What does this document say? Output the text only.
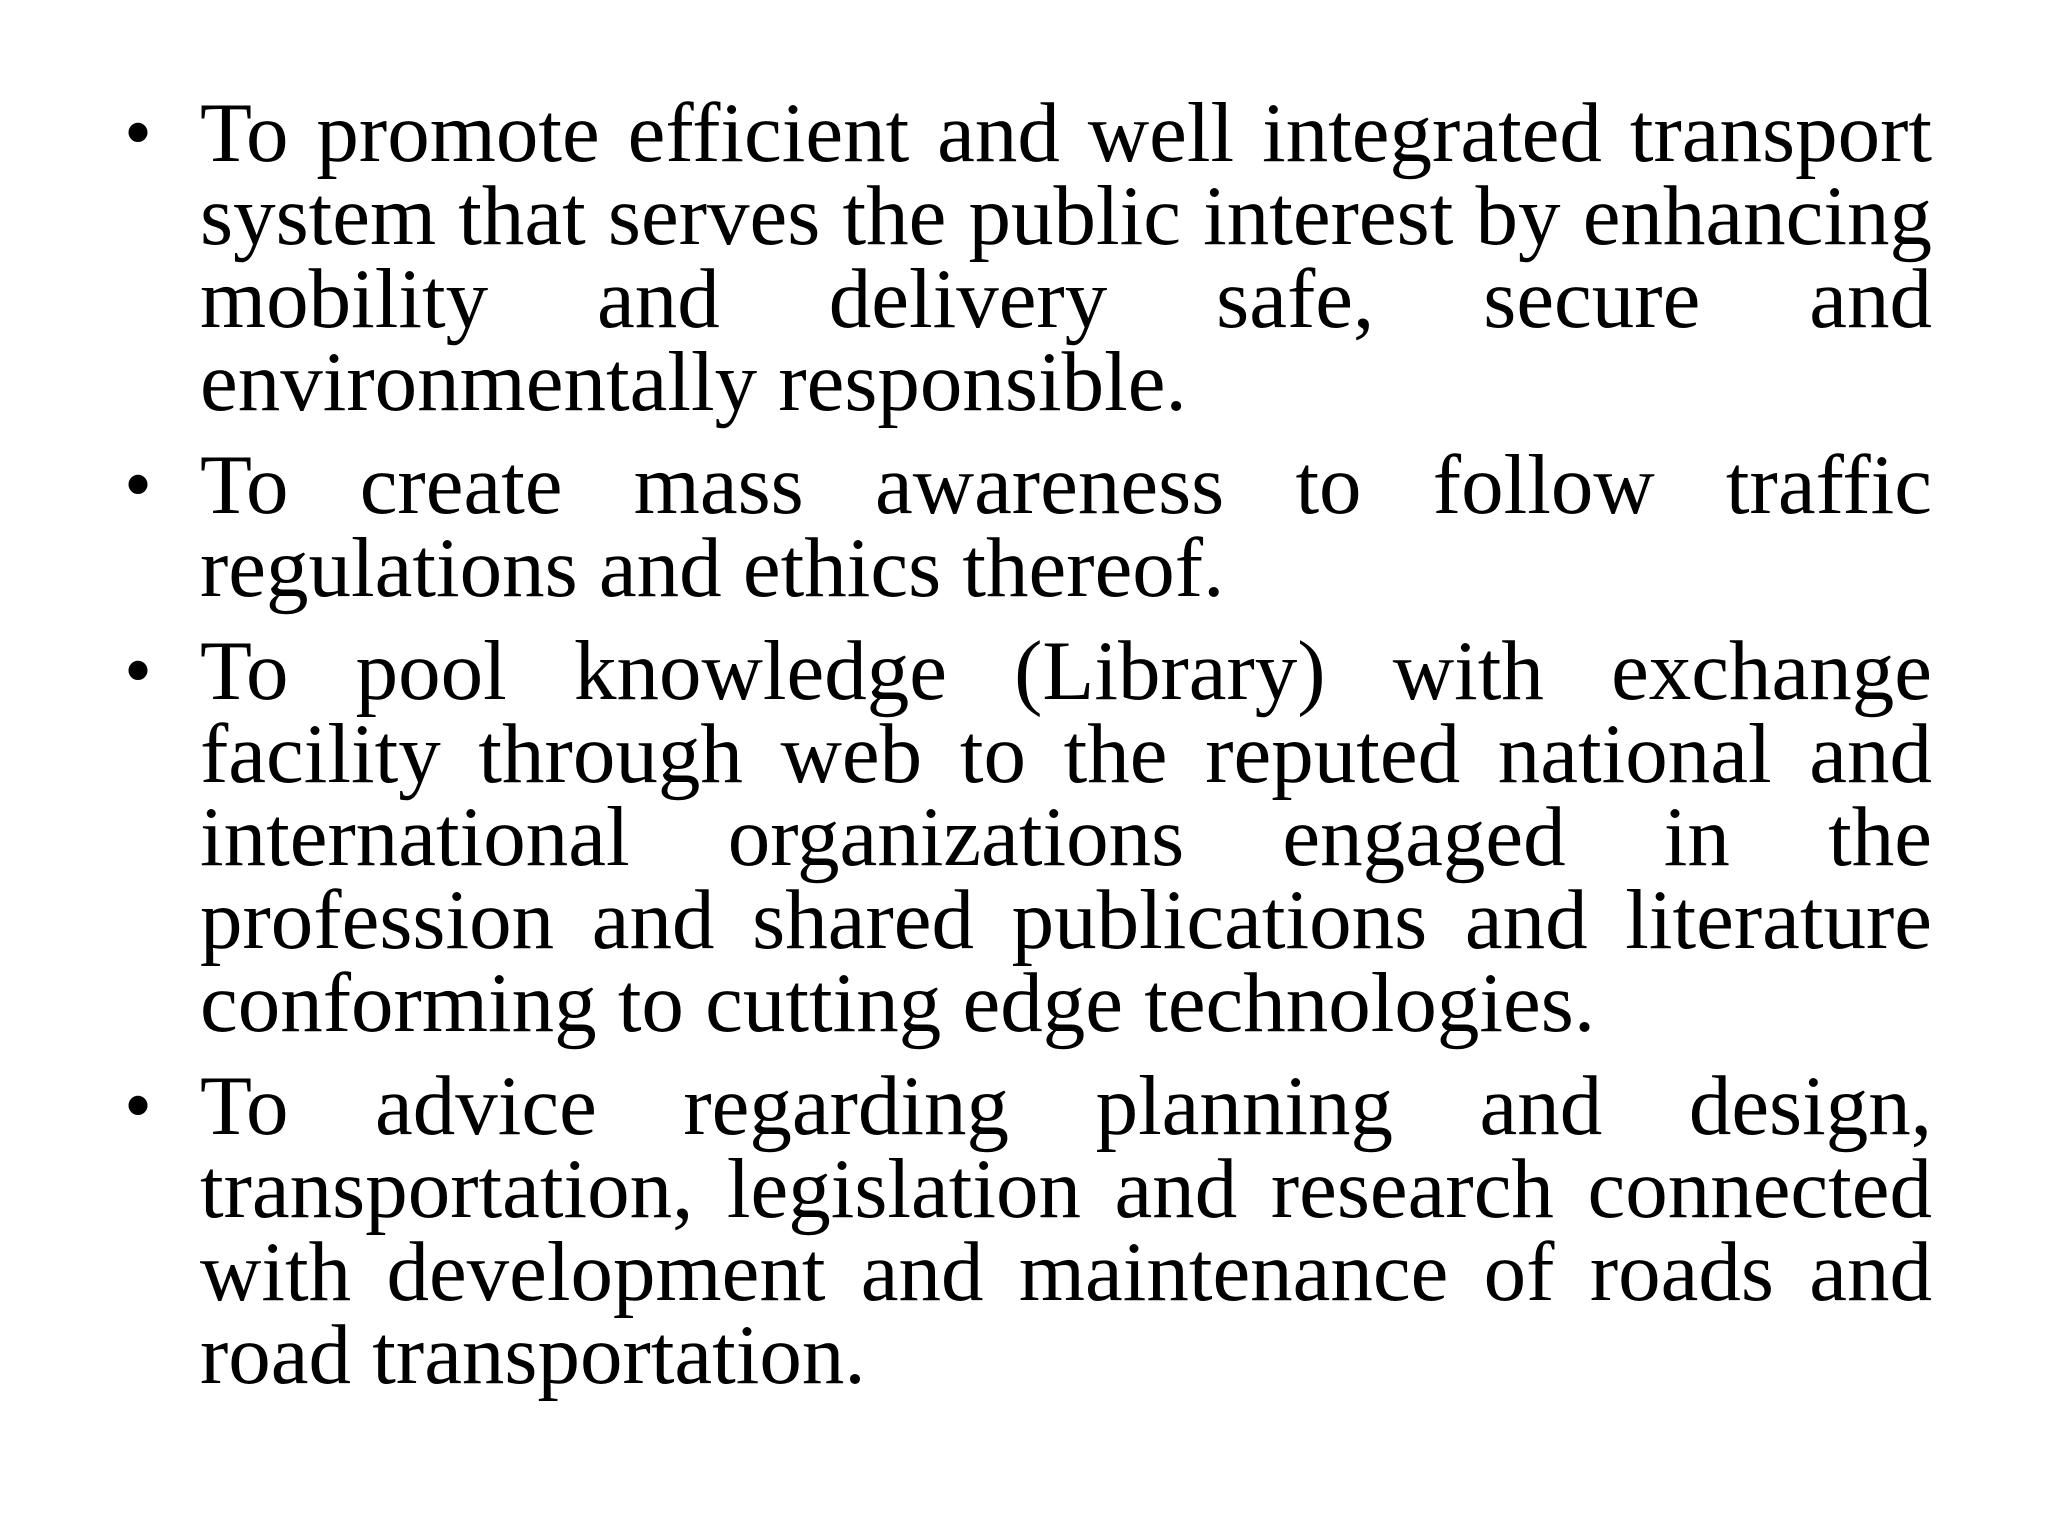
• To promote efficient and well integrated transport system that serves the public interest by enhancing mobility and delivery safe, secure and environmentally responsible.
• To create mass awareness to follow traffic regulations and ethics thereof.
• To pool knowledge (Library) with exchange facility through web to the reputed national and international organizations engaged in the profession and shared publications and literature conforming to cutting edge technologies.
• To advice regarding planning and design, transportation, legislation and research connected with development and maintenance of roads and road transportation.
